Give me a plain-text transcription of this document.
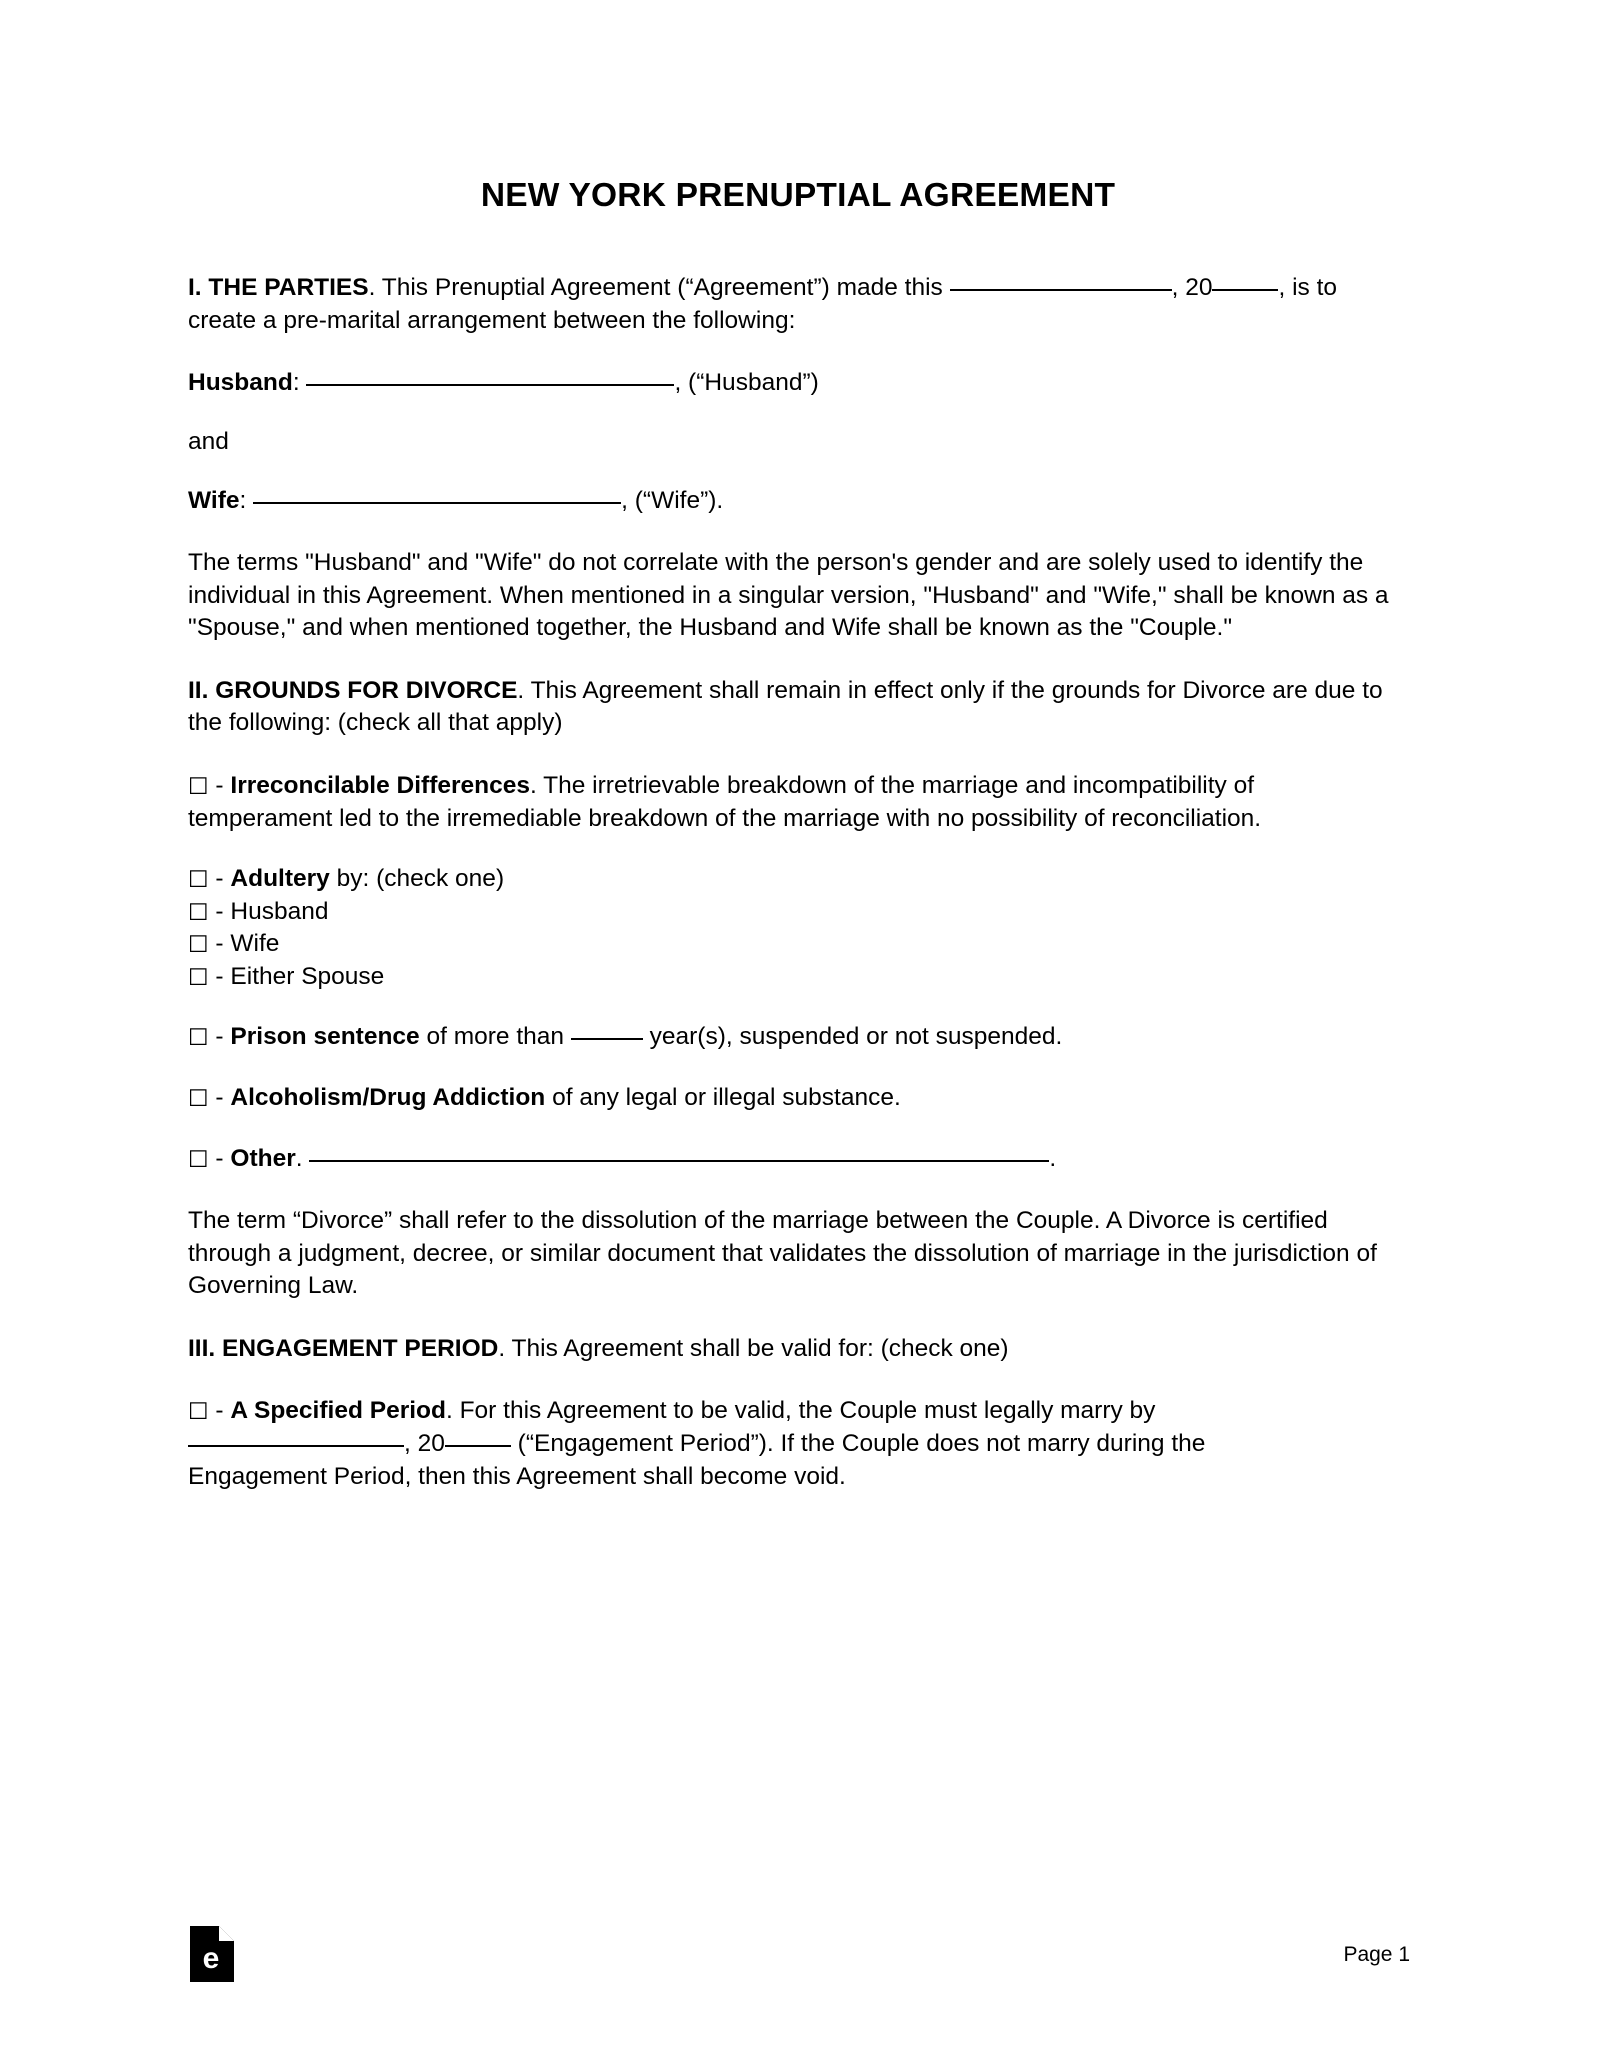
NEW YORK PRENUPTIAL AGREEMENT

I. THE PARTIES. This Prenuptial Agreement (“Agreement”) made this	, 20	, is to create a pre-marital arrangement between the following:

Husband:	, (“Husband”)

and

Wife:	, (“Wife”).

The terms "Husband" and "Wife" do not correlate with the person's gender and are solely used to identify the individual in this Agreement. When mentioned in a singular version, "Husband" and "Wife," shall be known as a "Spouse," and when mentioned together, the Husband and Wife shall be known as the "Couple."

II. GROUNDS FOR DIVORCE. This Agreement shall remain in effect only if the grounds for Divorce are due to the following: (check all that apply)

☐ - Irreconcilable Differences. The irretrievable breakdown of the marriage and incompatibility of temperament led to the irremediable breakdown of the marriage with no possibility of reconciliation.

☐ - Adultery by: (check one)

☐ - Husband

☐ - Wife

☐ - Either Spouse

☐ - Prison sentence of more than	year(s), suspended or not suspended.

☐ - Alcoholism/Drug Addiction of any legal or illegal substance.

☐ - Other.	.

The term “Divorce” shall refer to the dissolution of the marriage between the Couple. A Divorce is certified through a judgment, decree, or similar document that validates the dissolution of marriage in the jurisdiction of Governing Law.

III. ENGAGEMENT PERIOD. This Agreement shall be valid for: (check one)

☐ - A Specified Period. For this Agreement to be valid, the Couple must legally marry by , 20	(“Engagement Period”). If the Couple does not marry during the Engagement Period, then this Agreement shall become void.

e	Page 1
